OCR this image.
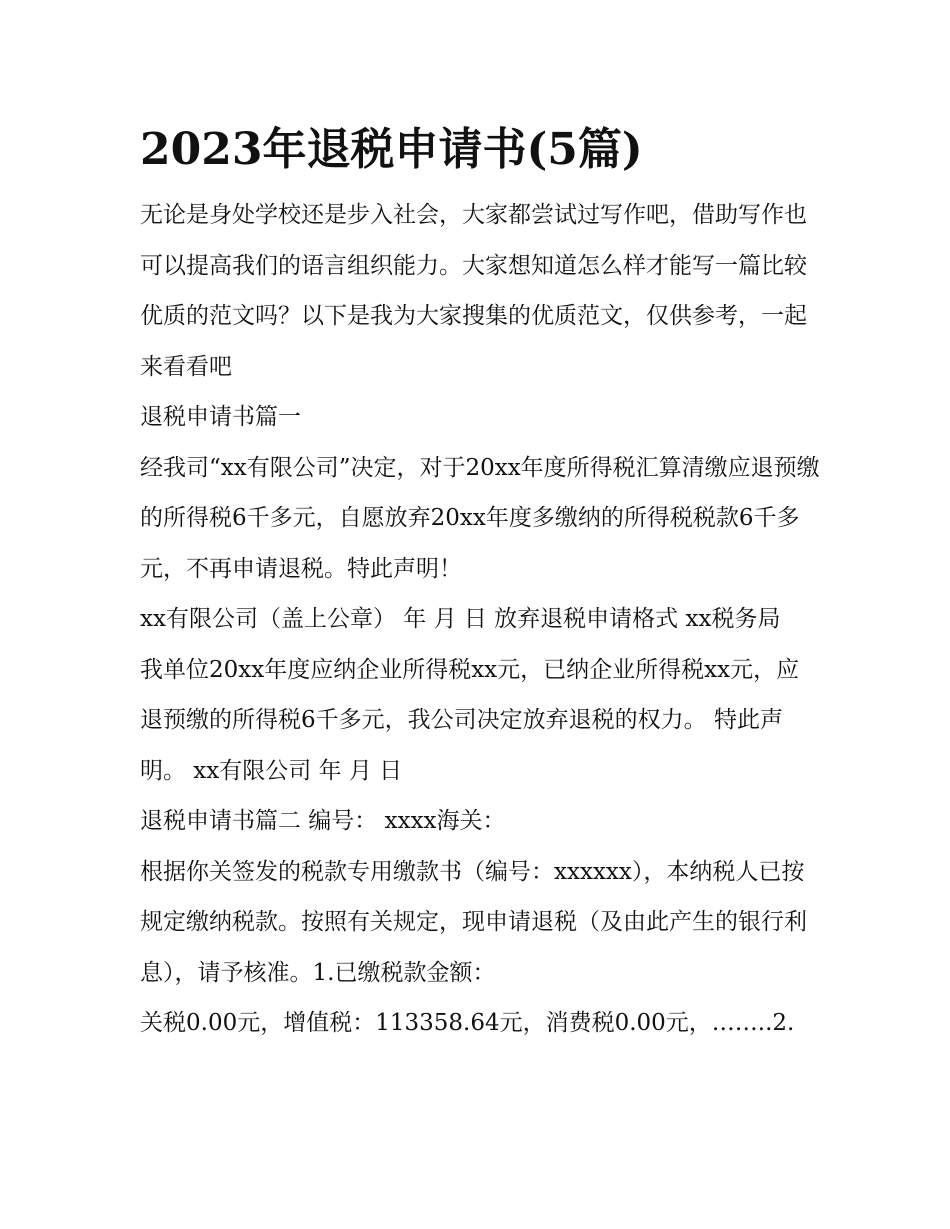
2023年退税申请书(5篇)

无论是身处学校还是步入社会，大家都尝试过写作吧，借助写作也可以提高我们的语言组织能力。大家想知道怎么样才能写一篇比较优质的范文吗？以下是我为大家搜集的优质范文，仅供参考，一起来看看吧

退税申请书篇一

经我司“xx有限公司”决定，对于20xx年度所得税汇算清缴应退预缴的所得税6千多元，自愿放弃20xx年度多缴纳的所得税税款6千多元，不再申请退税。特此声明！

xx有限公司（盖上公章） 年 月 日 放弃退税申请格式 xx税务局

我单位20xx年度应纳企业所得税xx元，已纳企业所得税xx元，应退预缴的所得税6千多元，我公司决定放弃退税的权力。 特此声明。 xx有限公司 年 月 日

退税申请书篇二 编号： xxxx海关：

根据你关签发的税款专用缴款书（编号：xxxxxx），本纳税人已按规定缴纳税款。按照有关规定，现申请退税（及由此产生的银行利息），请予核准。1.已缴税款金额：

关税0.00元，增值税：113358.64元，消费税0.00元，……..2.
